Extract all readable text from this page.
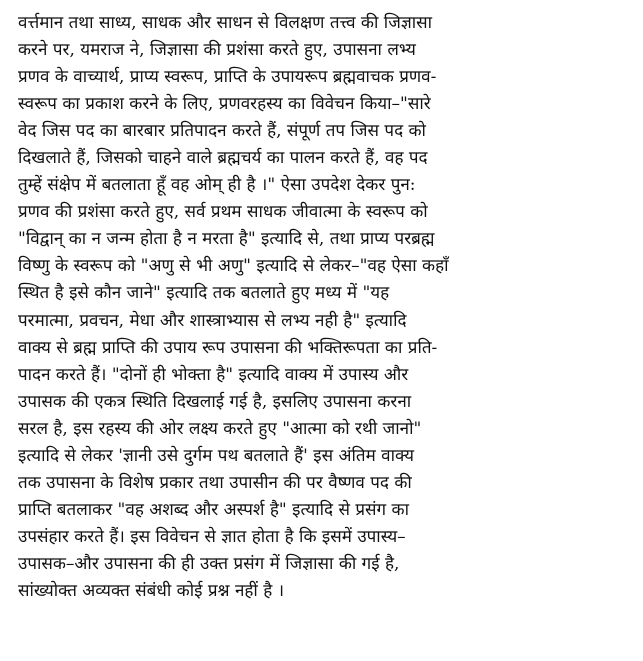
वर्त्तमान तथा साध्य, साधक और साधन से विलक्षण तत्त्व की जिज्ञासा
करने पर, यमराज ने, जिज्ञासा की प्रशंसा करते हुए, उपासना लभ्य
प्रणव के वाच्यार्थ, प्राप्य स्वरूप, प्राप्ति के उपायरूप ब्रह्मवाचक प्रणव-
स्वरूप का प्रकाश करने के लिए, प्रणवरहस्य का विवेचन किया–"सारे
वेद जिस पद का बारबार प्रतिपादन करते हैं, संपूर्ण तप जिस पद को
दिखलाते हैं, जिसको चाहने वाले ब्रह्मचर्य का पालन करते हैं, वह पद
तुम्हें संक्षेप में बतलाता हूँ वह ओम् ही है ।" ऐसा उपदेश देकर पुन:
प्रणव की प्रशंसा करते हुए, सर्व प्रथम साधक जीवात्मा के स्वरूप को
"विद्वान् का न जन्म होता है न मरता है" इत्यादि से, तथा प्राप्य परब्रह्म
विष्णु के स्वरूप को "अणु से भी अणु" इत्यादि से लेकर–"वह ऐसा कहाँ
स्थित है इसे कौन जाने" इत्यादि तक बतलाते हुए मध्य में "यह
परमात्मा, प्रवचन, मेधा और शास्त्राभ्यास से लभ्य नही है" इत्यादि
वाक्य से ब्रह्म प्राप्ति की उपाय रूप उपासना की भक्तिरूपता का प्रति-
पादन करते हैं। "दोनों ही भोक्ता है" इत्यादि वाक्य में उपास्य और
उपासक की एकत्र स्थिति दिखलाई गई है, इसलिए उपासना करना
सरल है, इस रहस्य की ओर लक्ष्य करते हुए "आत्मा को रथी जानो"
इत्यादि से लेकर 'ज्ञानी उसे दुर्गम पथ बतलाते हैं' इस अंतिम वाक्य
तक उपासना के विशेष प्रकार तथा उपासीन की पर वैष्णव पद की
प्राप्ति बतलाकर "वह अशब्द और अस्पर्श है" इत्यादि से प्रसंग का
उपसंहार करते हैं। इस विवेचन से ज्ञात होता है कि इसमें उपास्य–
उपासक–और उपासना की ही उक्त प्रसंग में जिज्ञासा की गई है,
सांख्योक्त अव्यक्त संबंधी कोई प्रश्न नहीं है ।
